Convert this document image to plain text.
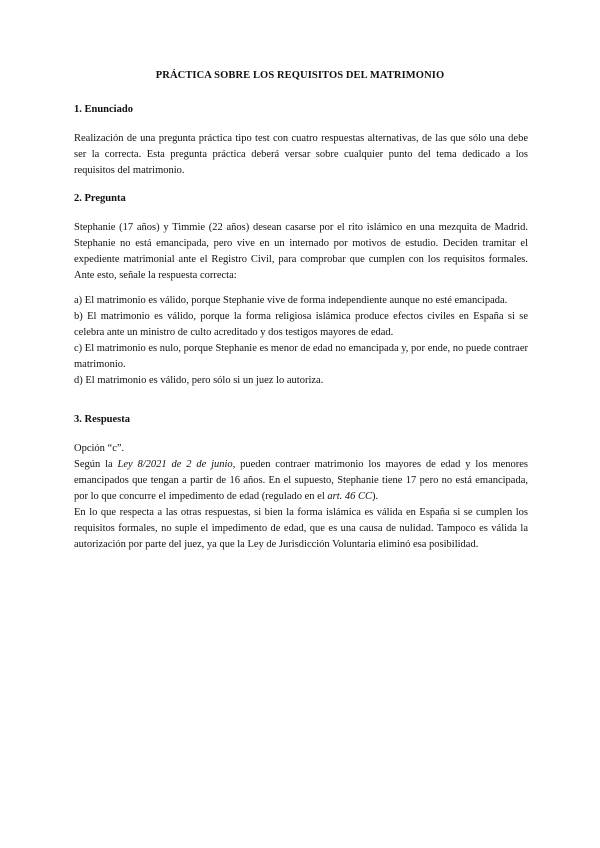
PRÁCTICA SOBRE LOS REQUISITOS DEL MATRIMONIO
1. Enunciado

Realización de una pregunta práctica tipo test con cuatro respuestas alternativas, de las que sólo una debe ser la correcta. Esta pregunta práctica deberá versar sobre cualquier punto del tema dedicado a los requisitos del matrimonio.

2. Pregunta

Stephanie (17 años) y Timmie (22 años) desean casarse por el rito islámico en una mezquita de Madrid. Stephanie no está emancipada, pero vive en un internado por motivos de estudio. Deciden tramitar el expediente matrimonial ante el Registro Civil, para comprobar que cumplen con los requisitos formales. Ante esto, señale la respuesta correcta:

a) El matrimonio es válido, porque Stephanie vive de forma independiente aunque no esté emancipada.

b) El matrimonio es válido, porque la forma religiosa islámica produce efectos civiles en España si se celebra ante un ministro de culto acreditado y dos testigos mayores de edad.

c) El matrimonio es nulo, porque Stephanie es menor de edad no emancipada y, por ende, no puede contraer matrimonio.

d) El matrimonio es válido, pero sólo si un juez lo autoriza.

3. Respuesta

Opción “c”.

Según la Ley 8/2021 de 2 de junio, pueden contraer matrimonio los mayores de edad y los menores emancipados que tengan a partir de 16 años. En el supuesto, Stephanie tiene 17 pero no está emancipada, por lo que concurre el impedimento de edad (regulado en el art. 46 CC).

En lo que respecta a las otras respuestas, si bien la forma islámica es válida en España si se cumplen los requisitos formales, no suple el impedimento de edad, que es una causa de nulidad. Tampoco es válida la autorización por parte del juez, ya que la Ley de Jurisdicción Voluntaria eliminó esa posibilidad.
